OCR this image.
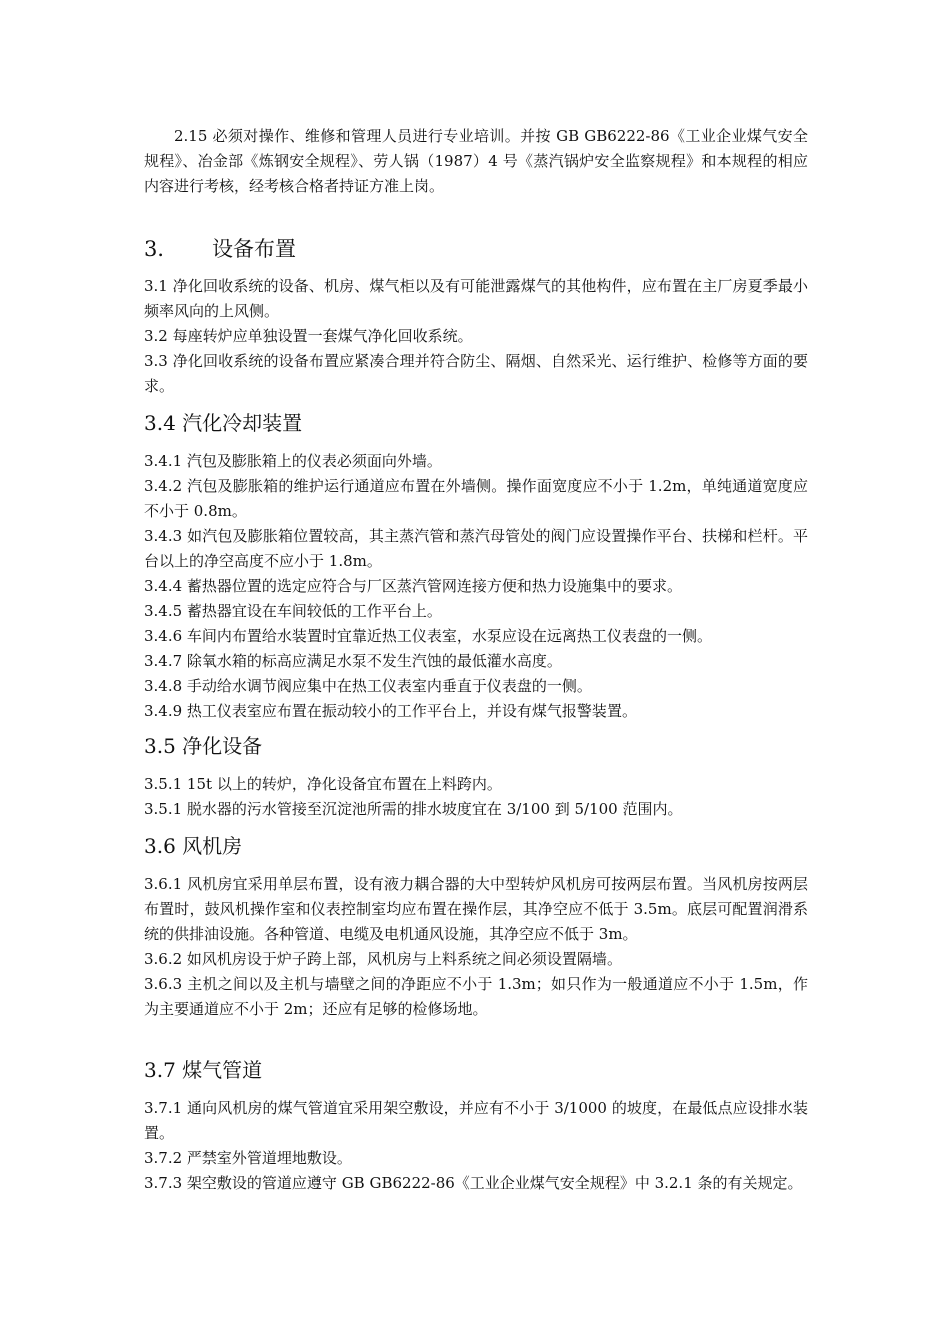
2.15 必须对操作、维修和管理人员进行专业培训。并按 GB GB6222-86《工业企业煤气安全规程》、冶金部《炼钢安全规程》、劳人锅（1987）4 号《蒸汽锅炉安全监察规程》和本规程的相应内容进行考核，经考核合格者持证方准上岗。

3． 设备布置

3.1 净化回收系统的设备、机房、煤气柜以及有可能泄露煤气的其他构件，应布置在主厂房夏季最小频率风向的上风侧。

3.2 每座转炉应单独设置一套煤气净化回收系统。

3.3 净化回收系统的设备布置应紧凑合理并符合防尘、隔烟、自然采光、运行维护、检修等方面的要求。

3.4 汽化冷却装置

3.4.1 汽包及膨胀箱上的仪表必须面向外墙。

3.4.2 汽包及膨胀箱的维护运行通道应布置在外墙侧。操作面宽度应不小于 1.2m，单纯通道宽度应不小于 0.8m。

3.4.3 如汽包及膨胀箱位置较高，其主蒸汽管和蒸汽母管处的阀门应设置操作平台、扶梯和栏杆。平台以上的净空高度不应小于 1.8m。

3.4.4 蓄热器位置的选定应符合与厂区蒸汽管网连接方便和热力设施集中的要求。

3.4.5 蓄热器宜设在车间较低的工作平台上。

3.4.6 车间内布置给水装置时宜靠近热工仪表室，水泵应设在远离热工仪表盘的一侧。

3.4.7 除氧水箱的标高应满足水泵不发生汽蚀的最低灌水高度。

3.4.8 手动给水调节阀应集中在热工仪表室内垂直于仪表盘的一侧。

3.4.9 热工仪表室应布置在振动较小的工作平台上，并设有煤气报警装置。

3.5 净化设备

3.5.1 15t 以上的转炉，净化设备宜布置在上料跨内。

3.5.1 脱水器的污水管接至沉淀池所需的排水坡度宜在 3/100 到 5/100 范围内。

3.6 风机房

3.6.1 风机房宜采用单层布置，设有液力耦合器的大中型转炉风机房可按两层布置。当风机房按两层布置时，鼓风机操作室和仪表控制室均应布置在操作层，其净空应不低于 3.5m。底层可配置润滑系统的供排油设施。各种管道、电缆及电机通风设施，其净空应不低于 3m。

3.6.2 如风机房设于炉子跨上部，风机房与上料系统之间必须设置隔墙。

3.6.3 主机之间以及主机与墙壁之间的净距应不小于 1.3m；如只作为一般通道应不小于 1.5m，作为主要通道应不小于 2m；还应有足够的检修场地。

3.7 煤气管道

3.7.1 通向风机房的煤气管道宜采用架空敷设，并应有不小于 3/1000 的坡度，在最低点应设排水装置。

3.7.2 严禁室外管道埋地敷设。

3.7.3 架空敷设的管道应遵守 GB GB6222-86《工业企业煤气安全规程》中 3.2.1 条的有关规定。
